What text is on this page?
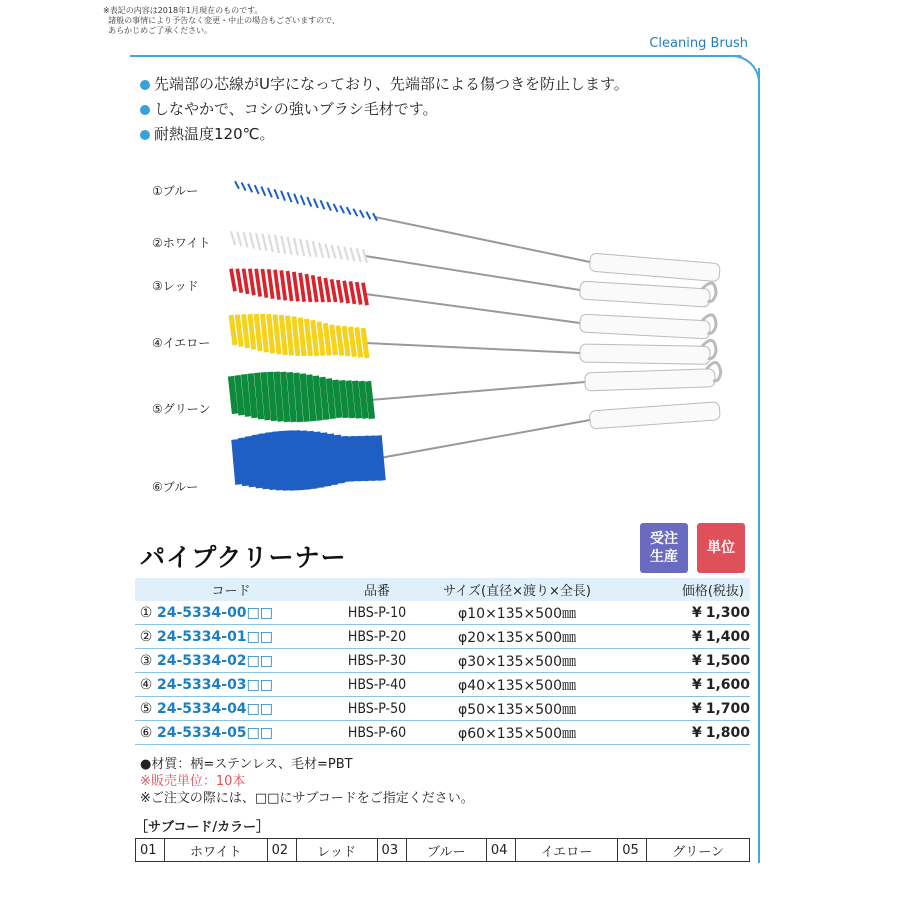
※表記の内容は2018年1月現在のものです。
諸般の事情により予告なく変更・中止の場合もございますので、
あらかじめご了承ください。
Cleaning Brush
先端部の芯線がU字になっており、先端部による傷つきを防止します。
しなやかで、コシの強いブラシ毛材です。
耐熱温度120℃。
①ブルー
②ホワイト
③レッド
④イエロー
⑤グリーン
⑥ブルー
パイプクリーナー
受注
生産
単位
コード		品番	サイズ(直径×渡り×全長)	価格(税抜)
①	24-5334-00□□	HBS-P-10	φ10×135×500㎜	¥ 1,300
②	24-5334-01□□	HBS-P-20	φ20×135×500㎜	¥ 1,400
③	24-5334-02□□	HBS-P-30	φ30×135×500㎜	¥ 1,500
④	24-5334-03□□	HBS-P-40	φ40×135×500㎜	¥ 1,600
⑤	24-5334-04□□	HBS-P-50	φ50×135×500㎜	¥ 1,700
⑥	24-5334-05□□	HBS-P-60	φ60×135×500㎜	¥ 1,800
●材質：柄=ステンレス、毛材=PBT
※販売単位：10本
※ご注文の際には、□□にサブコードをご指定ください。
［サブコード/カラー］
01	ホワイト	02	レッド	03	ブルー	04	イエロー	05	グリーン
